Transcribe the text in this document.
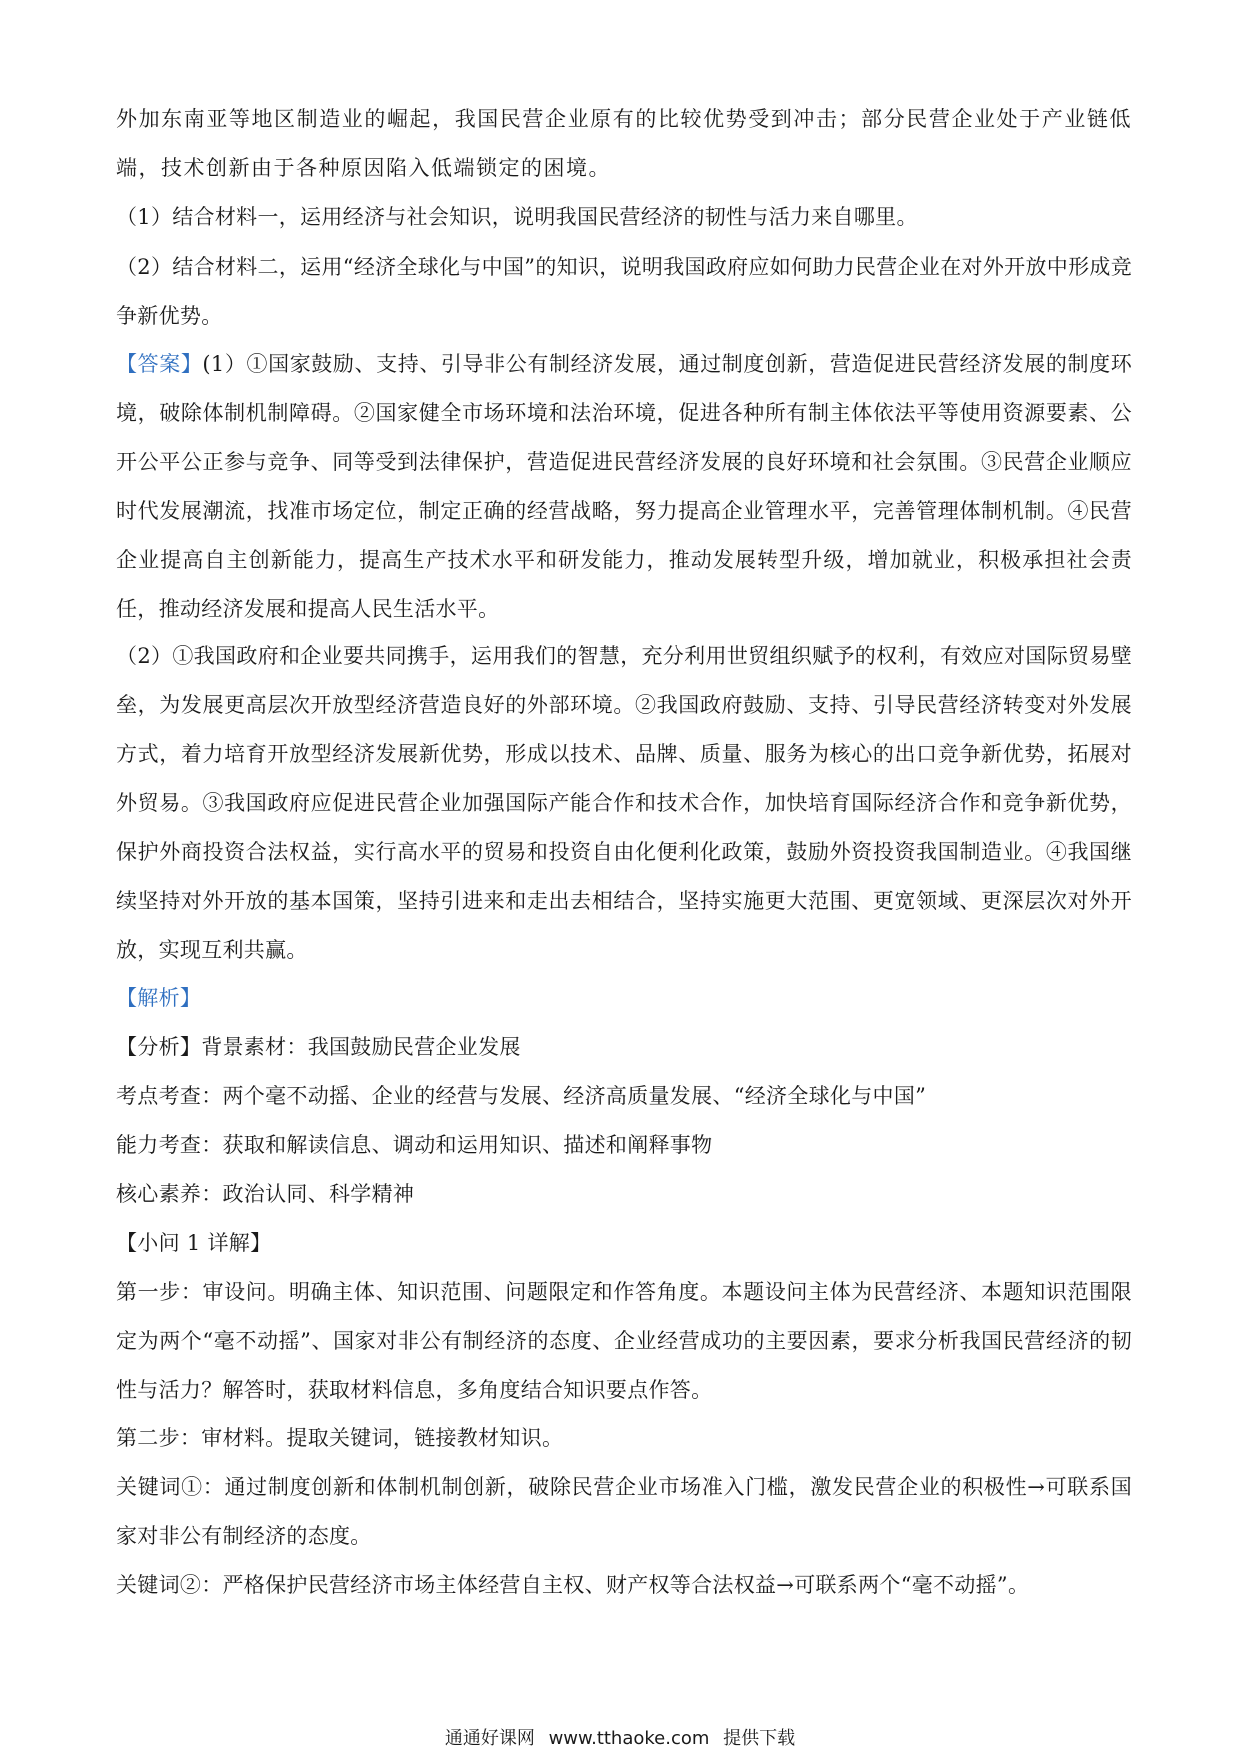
外加东南亚等地区制造业的崛起，我国民营企业原有的比较优势受到冲击；部分民营企业处于产业链低端，技术创新由于各种原因陷入低端锁定的困境。
（1）结合材料一，运用经济与社会知识，说明我国民营经济的韧性与活力来自哪里。
（2）结合材料二，运用“经济全球化与中国”的知识，说明我国政府应如何助力民营企业在对外开放中形成竞争新优势。
【答案】(1）①国家鼓励、支持、引导非公有制经济发展，通过制度创新，营造促进民营经济发展的制度环境，破除体制机制障碍。②国家健全市场环境和法治环境，促进各种所有制主体依法平等使用资源要素、公开公平公正参与竞争、同等受到法律保护，营造促进民营经济发展的良好环境和社会氛围。③民营企业顺应时代发展潮流，找准市场定位，制定正确的经营战略，努力提高企业管理水平，完善管理体制机制。④民营企业提高自主创新能力，提高生产技术水平和研发能力，推动发展转型升级，增加就业，积极承担社会责任，推动经济发展和提高人民生活水平。
（2）①我国政府和企业要共同携手，运用我们的智慧，充分利用世贸组织赋予的权利，有效应对国际贸易壁垒，为发展更高层次开放型经济营造良好的外部环境。②我国政府鼓励、支持、引导民营经济转变对外发展方式，着力培育开放型经济发展新优势，形成以技术、品牌、质量、服务为核心的出口竞争新优势，拓展对外贸易。③我国政府应促进民营企业加强国际产能合作和技术合作，加快培育国际经济合作和竞争新优势，保护外商投资合法权益，实行高水平的贸易和投资自由化便利化政策，鼓励外资投资我国制造业。④我国继续坚持对外开放的基本国策，坚持引进来和走出去相结合，坚持实施更大范围、更宽领域、更深层次对外开放，实现互利共赢。
【解析】
【分析】背景素材：我国鼓励民营企业发展
考点考查：两个毫不动摇、企业的经营与发展、经济高质量发展、“经济全球化与中国”
能力考查：获取和解读信息、调动和运用知识、描述和阐释事物
核心素养：政治认同、科学精神
【小问 1 详解】
第一步：审设问。明确主体、知识范围、问题限定和作答角度。本题设问主体为民营经济、本题知识范围限定为两个“毫不动摇”、国家对非公有制经济的态度、企业经营成功的主要因素，要求分析我国民营经济的韧性与活力？解答时，获取材料信息，多角度结合知识要点作答。
第二步：审材料。提取关键词，链接教材知识。
关键词①：通过制度创新和体制机制创新，破除民营企业市场准入门槛，激发民营企业的积极性→可联系国家对非公有制经济的态度。
关键词②：严格保护民营经济市场主体经营自主权、财产权等合法权益→可联系两个“毫不动摇”。
通通好课网 www.tthaoke.com 提供下载
